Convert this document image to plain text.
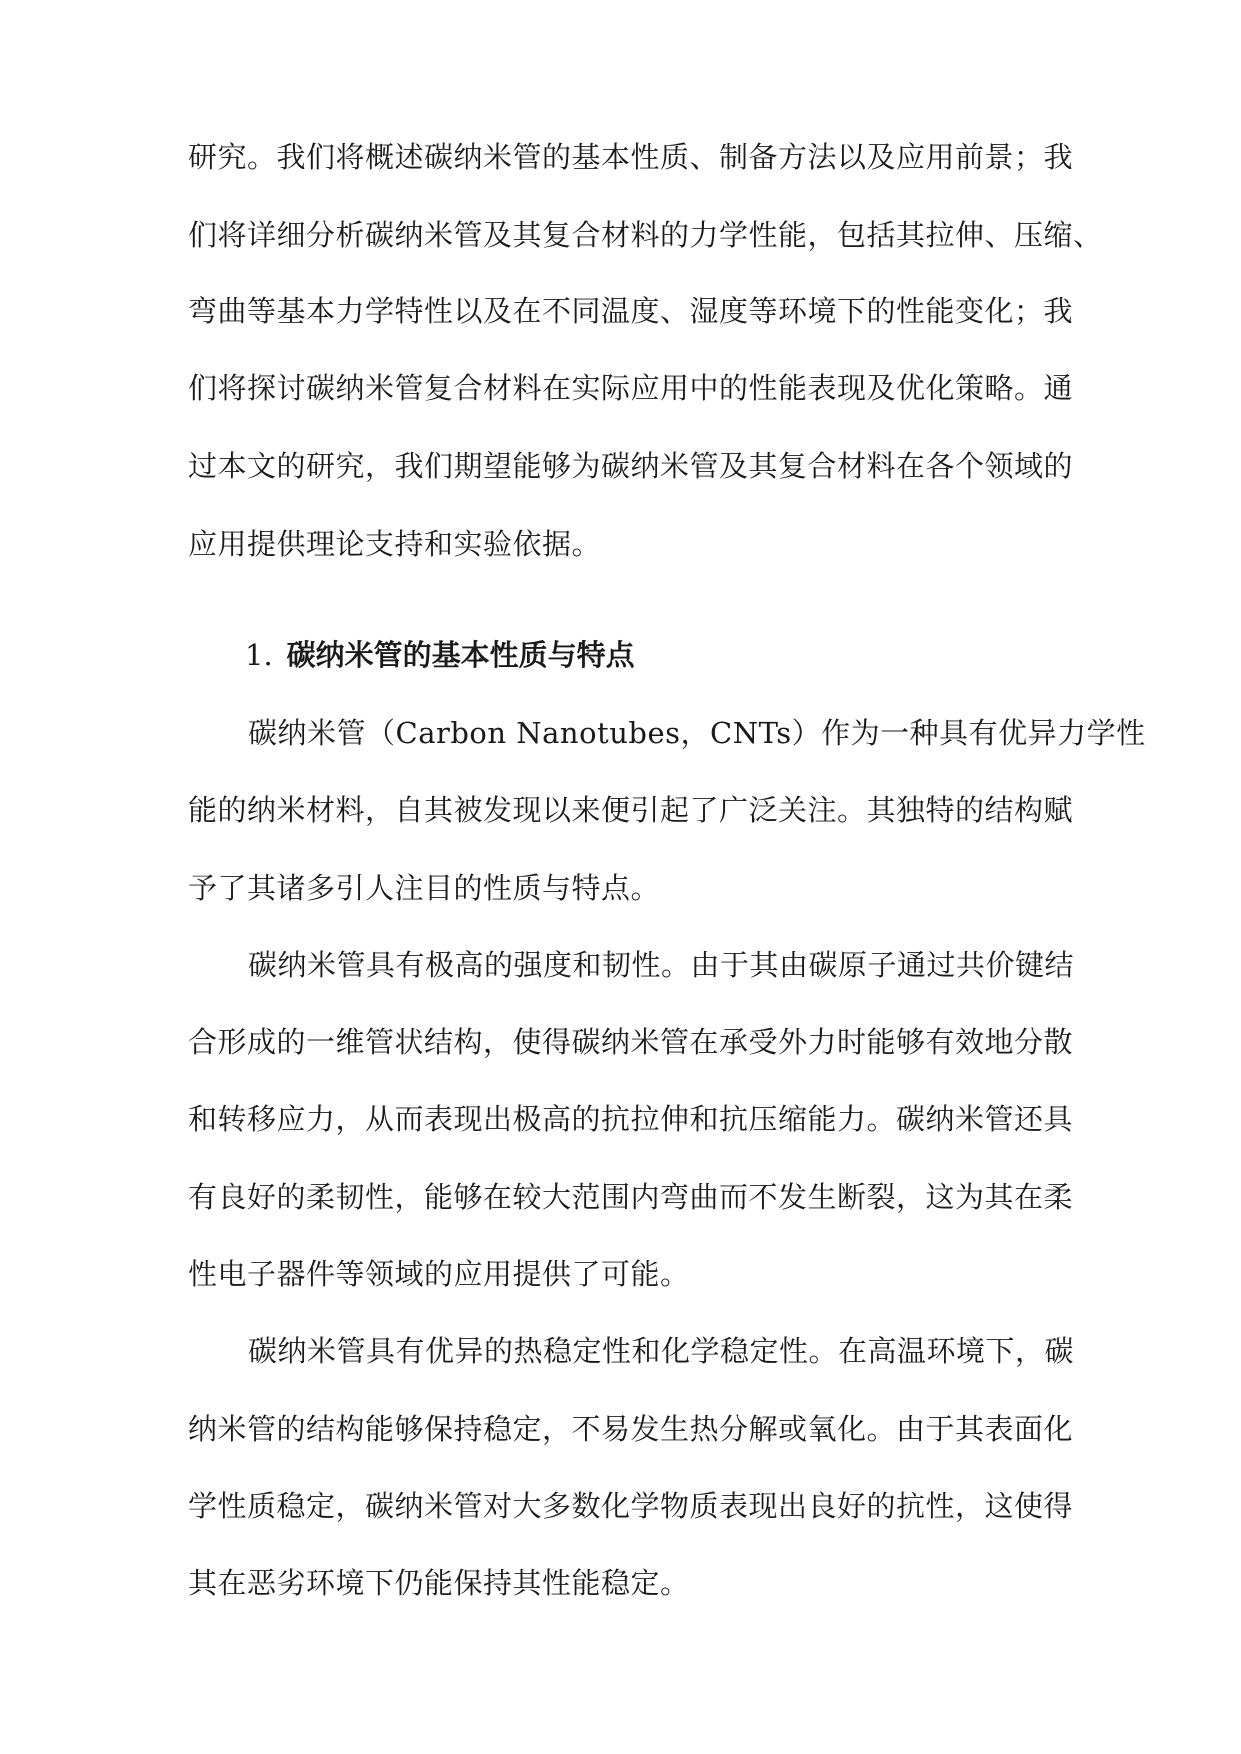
研究。我们将概述碳纳米管的基本性质、制备方法以及应用前景；我
们将详细分析碳纳米管及其复合材料的力学性能，包括其拉伸、压缩、
弯曲等基本力学特性以及在不同温度、湿度等环境下的性能变化；我
们将探讨碳纳米管复合材料在实际应用中的性能表现及优化策略。通
过本文的研究，我们期望能够为碳纳米管及其复合材料在各个领域的
应用提供理论支持和实验依据。
1. 碳纳米管的基本性质与特点
碳纳米管（Carbon Nanotubes，CNTs）作为一种具有优异力学性
能的纳米材料，自其被发现以来便引起了广泛关注。其独特的结构赋
予了其诸多引人注目的性质与特点。
碳纳米管具有极高的强度和韧性。由于其由碳原子通过共价键结
合形成的一维管状结构，使得碳纳米管在承受外力时能够有效地分散
和转移应力，从而表现出极高的抗拉伸和抗压缩能力。碳纳米管还具
有良好的柔韧性，能够在较大范围内弯曲而不发生断裂，这为其在柔
性电子器件等领域的应用提供了可能。
碳纳米管具有优异的热稳定性和化学稳定性。在高温环境下，碳
纳米管的结构能够保持稳定，不易发生热分解或氧化。由于其表面化
学性质稳定，碳纳米管对大多数化学物质表现出良好的抗性，这使得
其在恶劣环境下仍能保持其性能稳定。
